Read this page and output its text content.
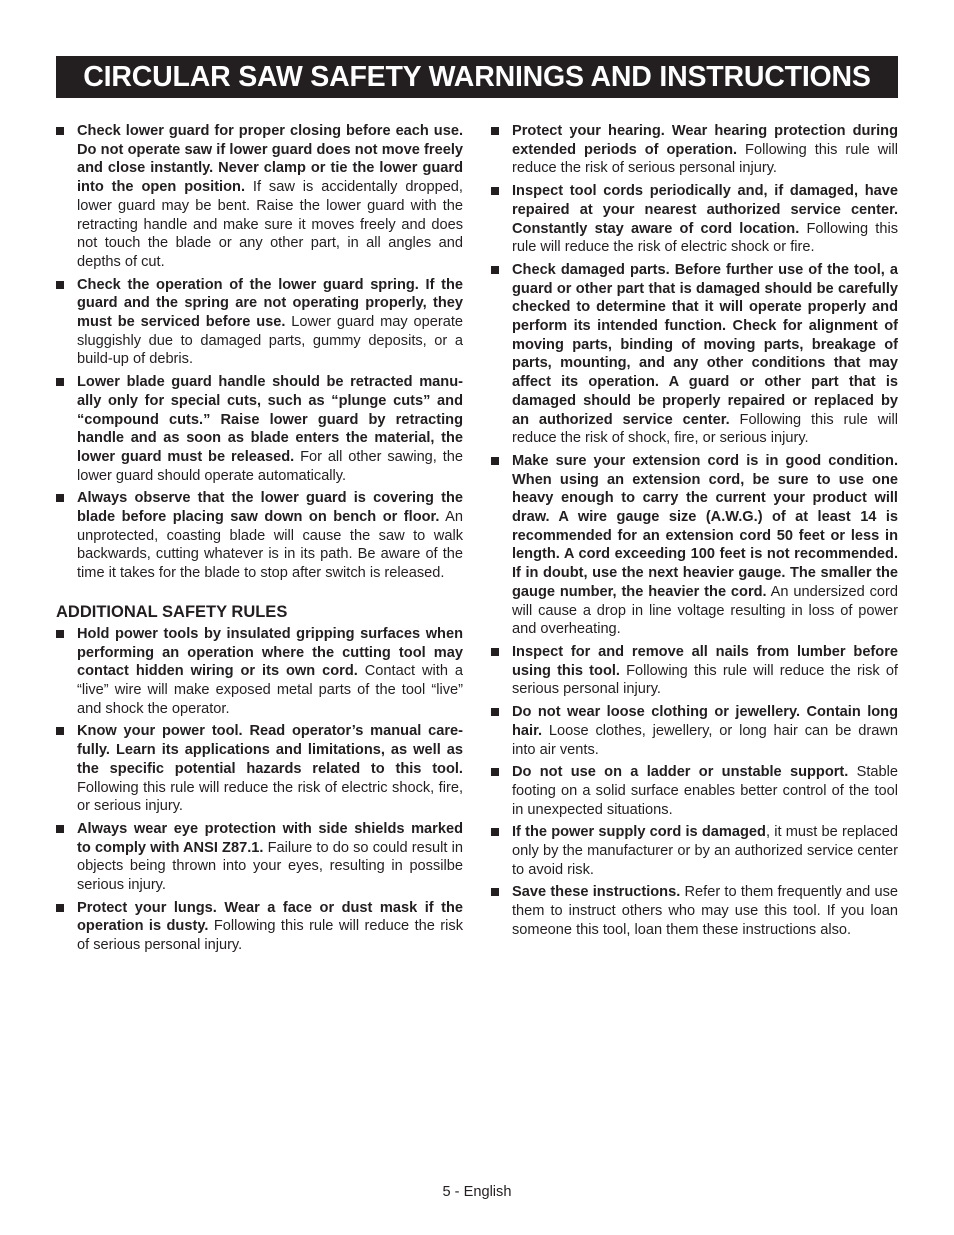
CIRCULAR SAW SAFETY WARNINGS AND INSTRUCTIONS
Check lower guard for proper closing before each use. Do not operate saw if lower guard does not move freely and close instantly. Never clamp or tie the lower guard into the open position. If saw is accidentally dropped, lower guard may be bent. Raise the lower guard with the retracting handle and make sure it moves freely and does not touch the blade or any other part, in all angles and depths of cut.
Check the operation of the lower guard spring. If the guard and the spring are not operating properly, they must be serviced before use. Lower guard may operate sluggishly due to damaged parts, gummy deposits, or a build-up of debris.
Lower blade guard handle should be retracted manually only for special cuts, such as “plunge cuts” and “compound cuts.” Raise lower guard by retracting handle and as soon as blade enters the material, the lower guard must be released. For all other sawing, the lower guard should operate automatically.
Always observe that the lower guard is covering the blade before placing saw down on bench or floor. An unprotected, coasting blade will cause the saw to walk backwards, cutting whatever is in its path. Be aware of the time it takes for the blade to stop after switch is released.
ADDITIONAL SAFETY RULES
Hold power tools by insulated gripping surfaces when performing an operation where the cutting tool may contact hidden wiring or its own cord. Contact with a “live” wire will make exposed metal parts of the tool “live” and shock the operator.
Know your power tool. Read operator’s manual carefully. Learn its applications and limitations, as well as the specific potential hazards related to this tool. Following this rule will reduce the risk of electric shock, fire, or serious injury.
Always wear eye protection with side shields marked to comply with ANSI Z87.1. Failure to do so could result in objects being thrown into your eyes, resulting in possilbe serious injury.
Protect your lungs. Wear a face or dust mask if the operation is dusty. Following this rule will reduce the risk of serious personal injury.
Protect your hearing. Wear hearing protection during extended periods of operation. Following this rule will reduce the risk of serious personal injury.
Inspect tool cords periodically and, if damaged, have repaired at your nearest authorized service center. Constantly stay aware of cord location. Following this rule will reduce the risk of electric shock or fire.
Check damaged parts. Before further use of the tool, a guard or other part that is damaged should be carefully checked to determine that it will operate properly and perform its intended function. Check for alignment of moving parts, binding of moving parts, breakage of parts, mounting, and any other conditions that may affect its operation. A guard or other part that is damaged should be properly repaired or replaced by an authorized service center. Following this rule will reduce the risk of shock, fire, or serious injury.
Make sure your extension cord is in good condition. When using an extension cord, be sure to use one heavy enough to carry the current your product will draw. A wire gauge size (A.W.G.) of at least 14 is recommended for an extension cord 50 feet or less in length. A cord exceeding 100 feet is not recommended. If in doubt, use the next heavier gauge. The smaller the gauge number, the heavier the cord. An undersized cord will cause a drop in line voltage resulting in loss of power and overheating.
Inspect for and remove all nails from lumber before using this tool. Following this rule will reduce the risk of serious personal injury.
Do not wear loose clothing or jewellery. Contain long hair. Loose clothes, jewellery, or long hair can be drawn into air vents.
Do not use on a ladder or unstable support. Stable footing on a solid surface enables better control of the tool in unexpected situations.
If the power supply cord is damaged, it must be replaced only by the manufacturer or by an authorized service center to avoid risk.
Save these instructions. Refer to them frequently and use them to instruct others who may use this tool. If you loan someone this tool, loan them these instructions also.
5 - English
